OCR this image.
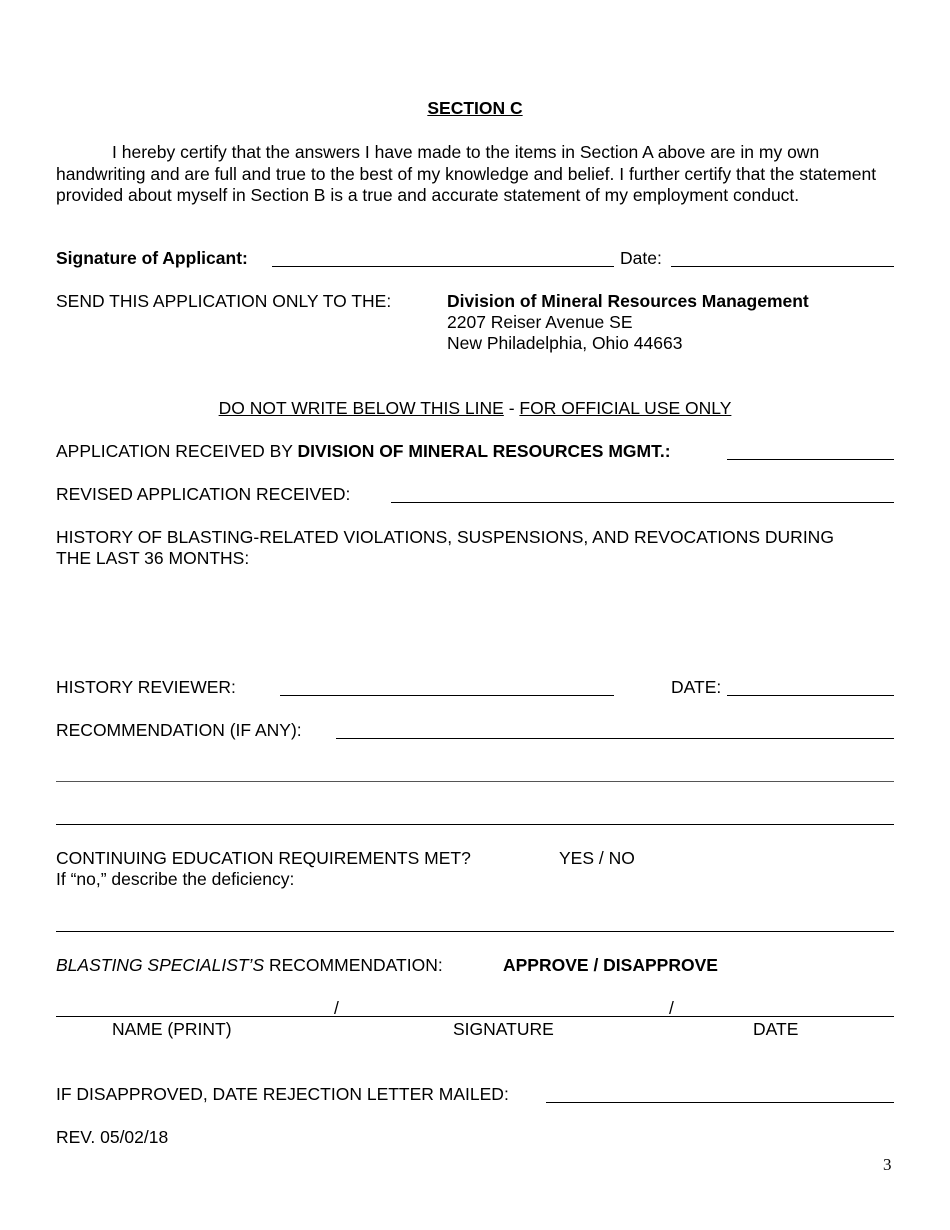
SECTION C
I hereby certify that the answers I have made to the items in Section A above are in my own handwriting and are full and true to the best of my knowledge and belief. I further certify that the statement provided about myself in Section B is a true and accurate statement of my employment conduct.
Signature of Applicant:	Date:
SEND THIS APPLICATION ONLY TO THE:	Division of Mineral Resources Management
2207 Reiser Avenue SE
New Philadelphia, Ohio 44663
DO NOT WRITE BELOW THIS LINE - FOR OFFICIAL USE ONLY
APPLICATION RECEIVED BY DIVISION OF MINERAL RESOURCES MGMT.:
REVISED APPLICATION RECEIVED:
HISTORY OF BLASTING-RELATED VIOLATIONS, SUSPENSIONS, AND REVOCATIONS DURING
THE LAST 36 MONTHS:
HISTORY REVIEWER:	DATE:
RECOMMENDATION (IF ANY):
CONTINUING EDUCATION REQUIREMENTS MET?	YES / NO
If “no,” describe the deficiency:
BLASTING SPECIALIST’S RECOMMENDATION:	APPROVE / DISAPPROVE
/	/
NAME (PRINT)	SIGNATURE	DATE
IF DISAPPROVED, DATE REJECTION LETTER MAILED:
REV. 05/02/18
3
